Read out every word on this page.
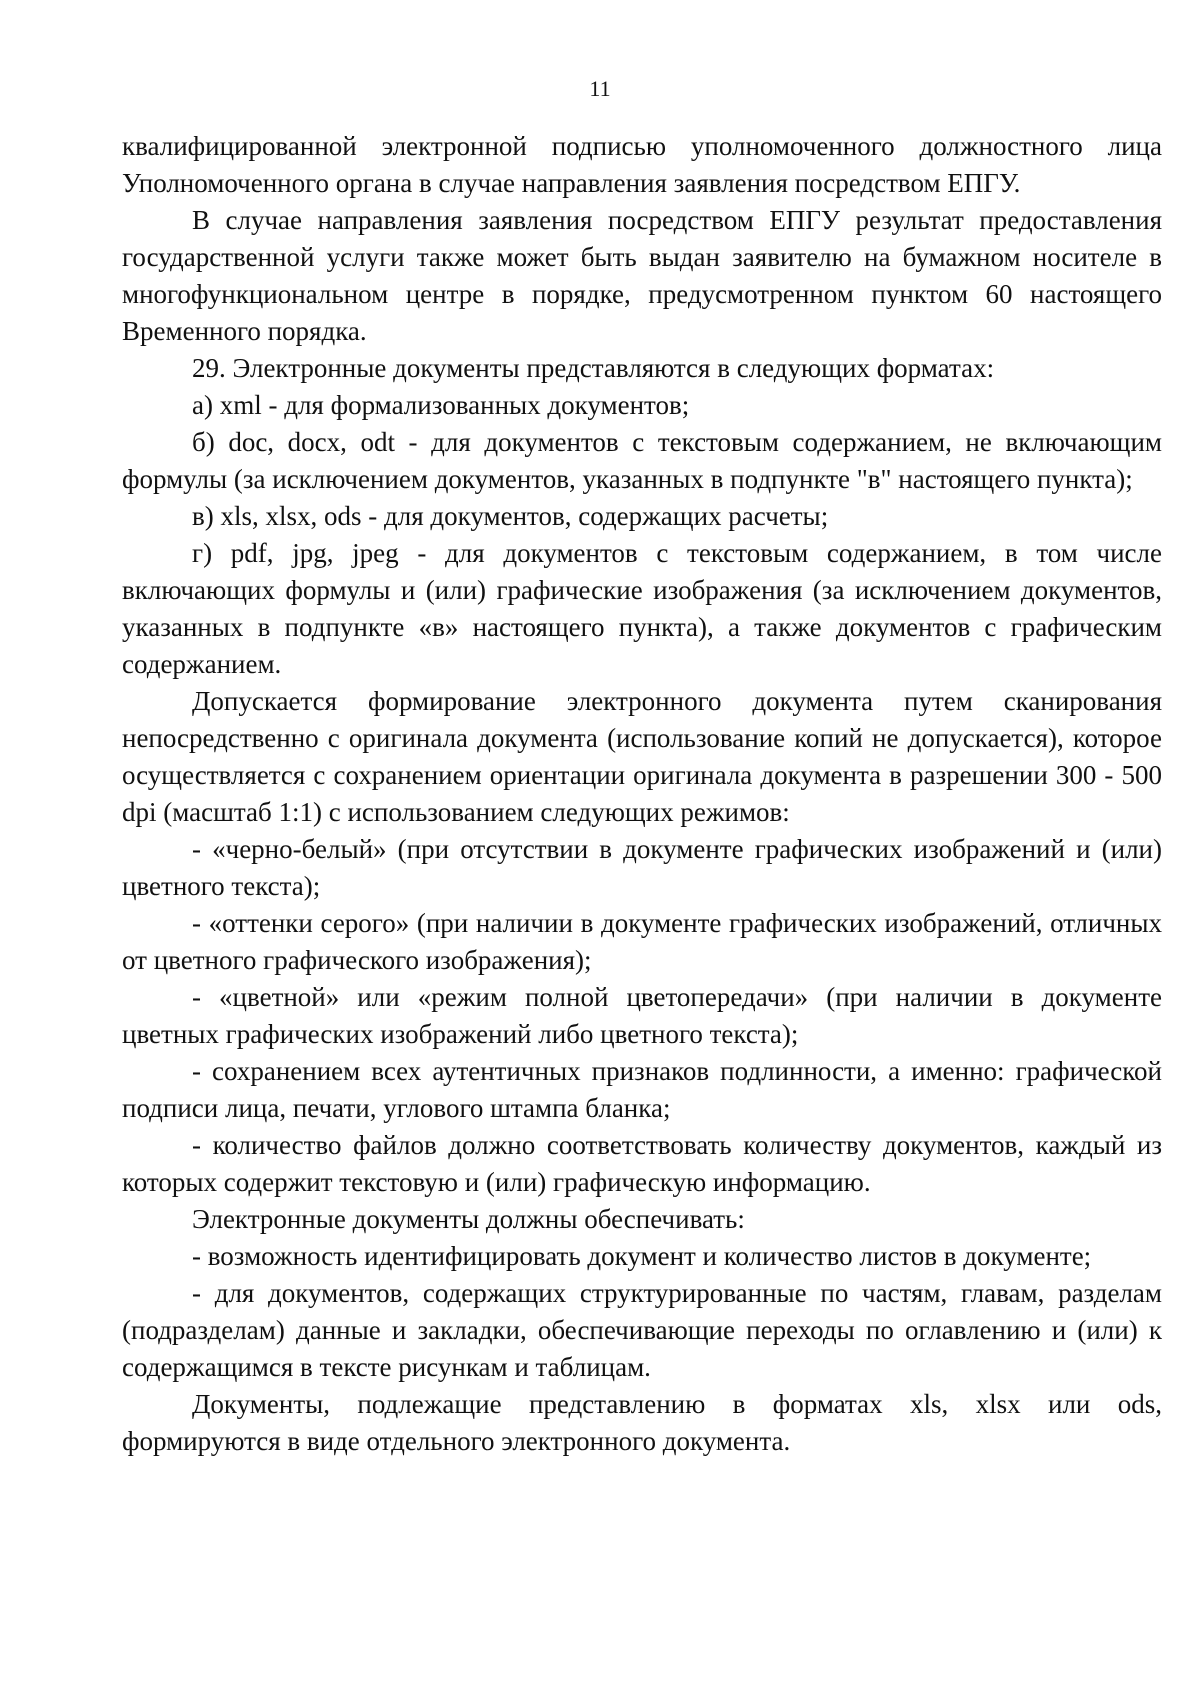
11

квалифицированной электронной подписью уполномоченного должностного лица Уполномоченного органа в случае направления заявления посредством ЕПГУ.

В случае направления заявления посредством ЕПГУ результат предоставления государственной услуги также может быть выдан заявителю на бумажном носителе в многофункциональном центре в порядке, предусмотренном пунктом 60 настоящего Временного порядка.

29. Электронные документы представляются в следующих форматах:

а) xml - для формализованных документов;

б) doc, docx, odt - для документов с текстовым содержанием, не включающим формулы (за исключением документов, указанных в подпункте "в" настоящего пункта);

в) xls, xlsx, ods - для документов, содержащих расчеты;

г) pdf, jpg, jpeg - для документов с текстовым содержанием, в том числе включающих формулы и (или) графические изображения (за исключением документов, указанных в подпункте «в» настоящего пункта), а также документов с графическим содержанием.

Допускается формирование электронного документа путем сканирования непосредственно с оригинала документа (использование копий не допускается), которое осуществляется с сохранением ориентации оригинала документа в разрешении 300 - 500 dpi (масштаб 1:1) с использованием следующих режимов:

- «черно-белый» (при отсутствии в документе графических изображений и (или) цветного текста);

- «оттенки серого» (при наличии в документе графических изображений, отличных от цветного графического изображения);

- «цветной» или «режим полной цветопередачи» (при наличии в документе цветных графических изображений либо цветного текста);

- сохранением всех аутентичных признаков подлинности, а именно: графической подписи лица, печати, углового штампа бланка;

- количество файлов должно соответствовать количеству документов, каждый из которых содержит текстовую и (или) графическую информацию.

Электронные документы должны обеспечивать:

- возможность идентифицировать документ и количество листов в документе;

- для документов, содержащих структурированные по частям, главам, разделам (подразделам) данные и закладки, обеспечивающие переходы по оглавлению и (или) к содержащимся в тексте рисункам и таблицам.

Документы, подлежащие представлению в форматах xls, xlsx или ods, формируются в виде отдельного электронного документа.
